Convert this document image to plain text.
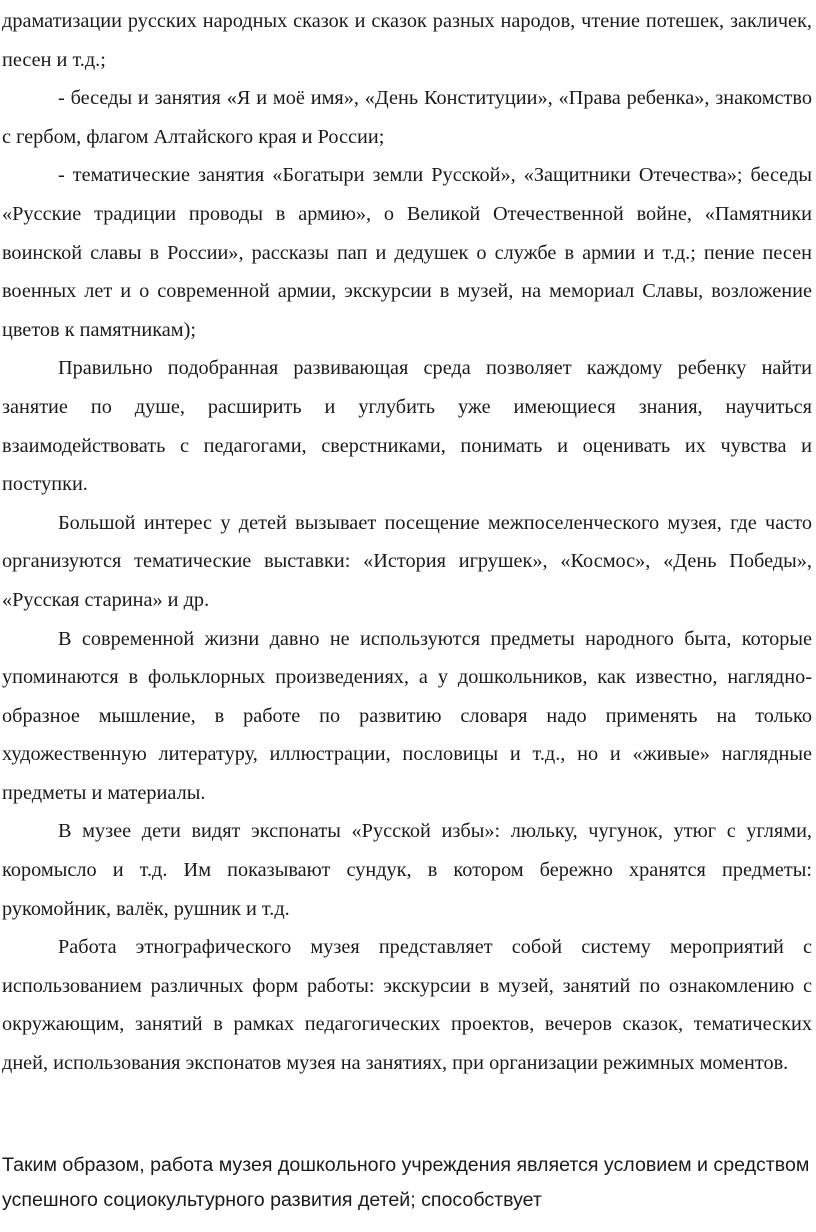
драматизации русских народных сказок и сказок разных народов, чтение потешек, закличек, песен и т.д.;

- беседы и занятия «Я и моё имя», «День Конституции», «Права ребенка», знакомство с гербом, флагом Алтайского края и России;

- тематические занятия «Богатыри земли Русской», «Защитники Отечества»; беседы «Русские традиции проводы в армию», о Великой Отечественной войне, «Памятники воинской славы в России», рассказы пап и дедушек о службе в армии и т.д.; пение песен военных лет и о современной армии, экскурсии в музей, на мемориал Славы, возложение цветов к памятникам);

Правильно подобранная развивающая среда позволяет каждому ребенку найти занятие по душе, расширить и углубить уже имеющиеся знания, научиться взаимодействовать с педагогами, сверстниками, понимать и оценивать их чувства и поступки.

Большой интерес у детей вызывает посещение межпоселенческого музея, где часто организуются тематические выставки: «История игрушек», «Космос», «День Победы», «Русская старина» и др.

В современной жизни давно не используются предметы народного быта, которые упоминаются в фольклорных произведениях, а у дошкольников, как известно, наглядно-образное мышление, в работе по развитию словаря надо применять на только художественную литературу, иллюстрации, пословицы и т.д., но и «живые» наглядные предметы и материалы.

В музее дети видят экспонаты «Русской избы»: люльку, чугунок, утюг с углями, коромысло и т.д. Им показывают сундук, в котором бережно хранятся предметы: рукомойник, валёк, рушник и т.д.

Работа этнографического музея представляет собой систему мероприятий с использованием различных форм работы: экскурсии в музей, занятий по ознакомлению с окружающим, занятий в рамках педагогических проектов, вечеров сказок, тематических дней, использования экспонатов музея на занятиях, при организации режимных моментов.

Таким образом, работа музея дошкольного учреждения является условием и средством успешного социокультурного развития детей; способствует
